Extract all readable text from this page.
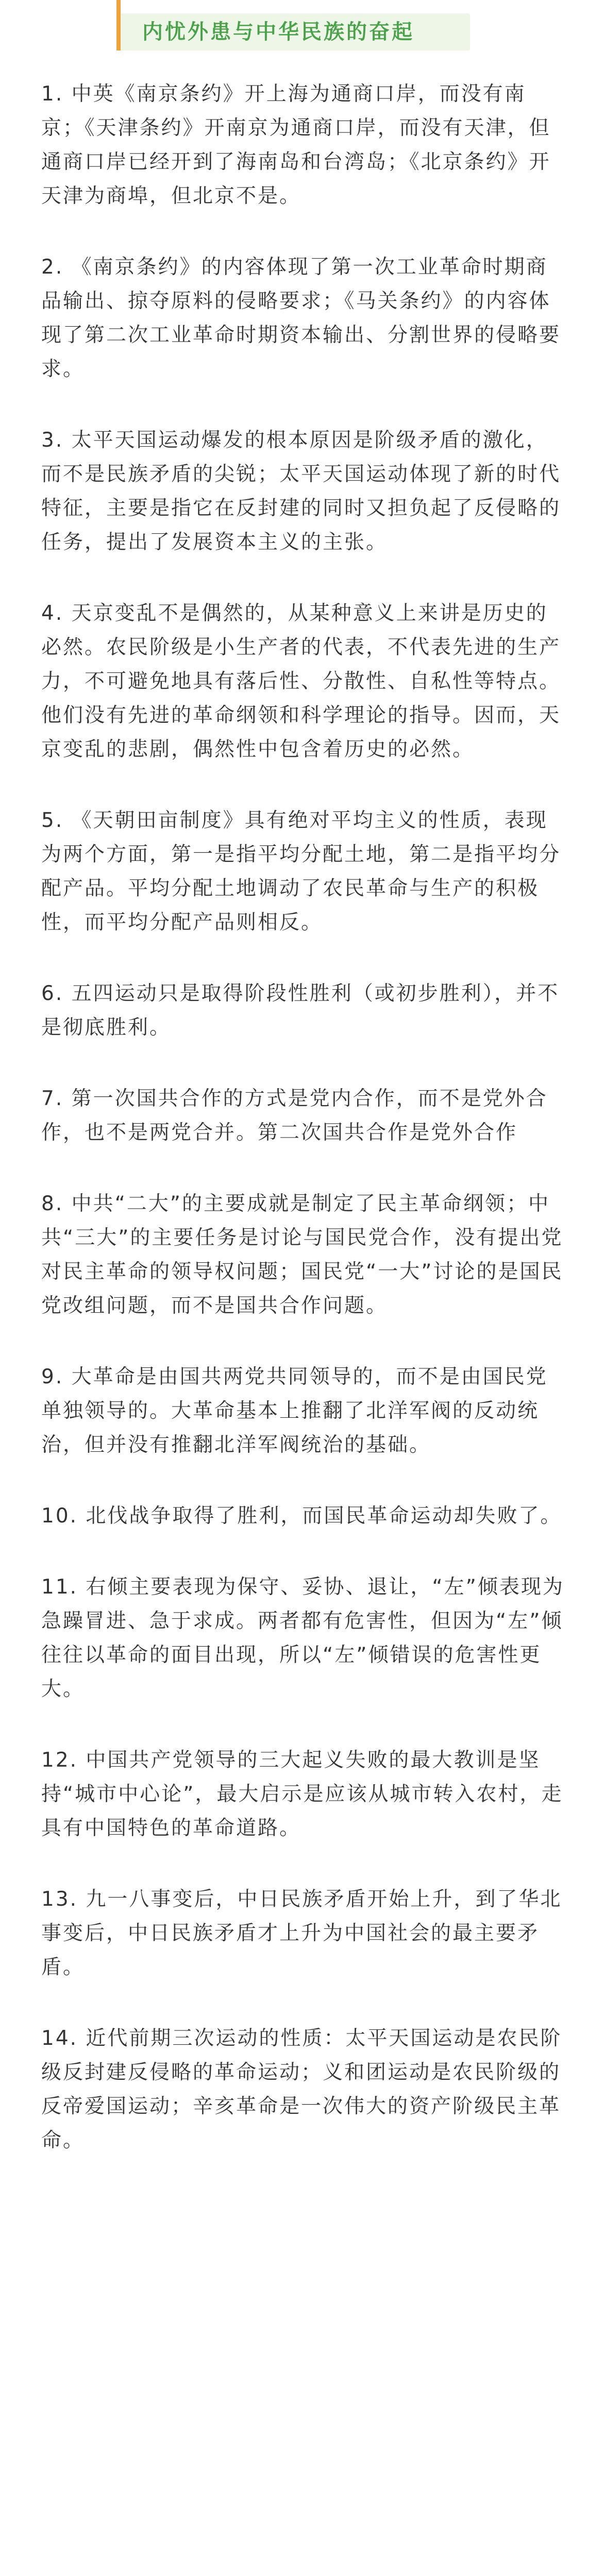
内忧外患与中华民族的奋起

1. 中英《南京条约》开上海为通商口岸，而没有南京；《天津条约》开南京为通商口岸，而没有天津，但通商口岸已经开到了海南岛和台湾岛；《北京条约》开天津为商埠，但北京不是。

2. 《南京条约》的内容体现了第一次工业革命时期商品输出、掠夺原料的侵略要求；《马关条约》的内容体现了第二次工业革命时期资本输出、分割世界的侵略要求。

3. 太平天国运动爆发的根本原因是阶级矛盾的激化，而不是民族矛盾的尖锐；太平天国运动体现了新的时代特征，主要是指它在反封建的同时又担负起了反侵略的任务，提出了发展资本主义的主张。

4. 天京变乱不是偶然的，从某种意义上来讲是历史的必然。农民阶级是小生产者的代表，不代表先进的生产力，不可避免地具有落后性、分散性、自私性等特点。他们没有先进的革命纲领和科学理论的指导。因而，天京变乱的悲剧，偶然性中包含着历史的必然。

5. 《天朝田亩制度》具有绝对平均主义的性质，表现为两个方面，第一是指平均分配土地，第二是指平均分配产品。平均分配土地调动了农民革命与生产的积极性，而平均分配产品则相反。

6. 五四运动只是取得阶段性胜利（或初步胜利），并不是彻底胜利。

7. 第一次国共合作的方式是党内合作，而不是党外合作，也不是两党合并。第二次国共合作是党外合作

8. 中共“二大”的主要成就是制定了民主革命纲领；中共“三大”的主要任务是讨论与国民党合作，没有提出党对民主革命的领导权问题；国民党“一大”讨论的是国民党改组问题，而不是国共合作问题。

9. 大革命是由国共两党共同领导的，而不是由国民党单独领导的。大革命基本上推翻了北洋军阀的反动统治，但并没有推翻北洋军阀统治的基础。

10. 北伐战争取得了胜利，而国民革命运动却失败了。

11. 右倾主要表现为保守、妥协、退让，“左”倾表现为急躁冒进、急于求成。两者都有危害性，但因为“左”倾往往以革命的面目出现，所以“左”倾错误的危害性更大。

12. 中国共产党领导的三大起义失败的最大教训是坚持“城市中心论”，最大启示是应该从城市转入农村，走具有中国特色的革命道路。

13. 九一八事变后，中日民族矛盾开始上升，到了华北事变后，中日民族矛盾才上升为中国社会的最主要矛盾。

14. 近代前期三次运动的性质：太平天国运动是农民阶级反封建反侵略的革命运动；义和团运动是农民阶级的反帝爱国运动；辛亥革命是一次伟大的资产阶级民主革命。
